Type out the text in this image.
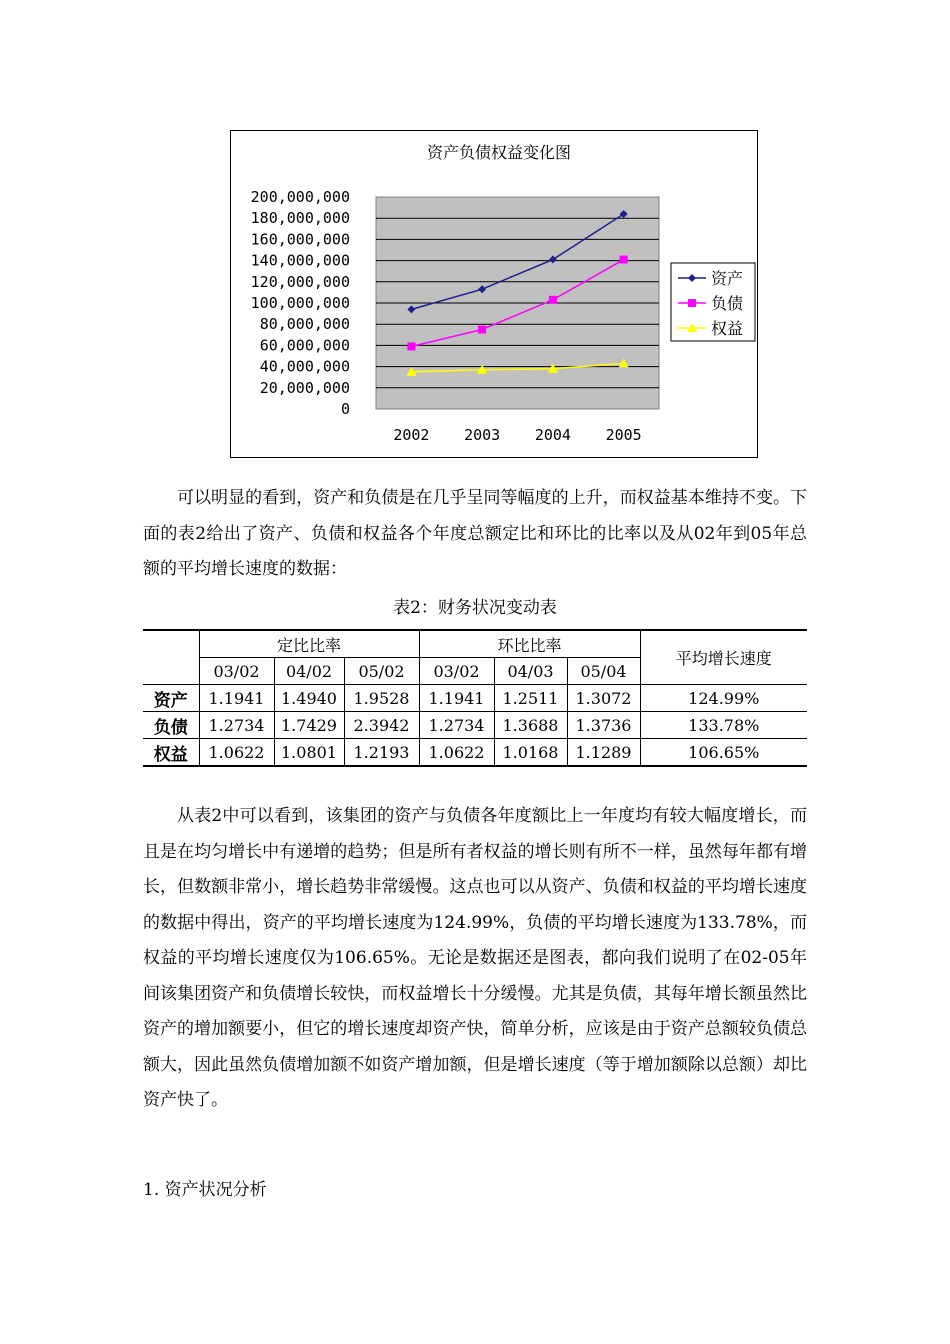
资产负债权益变化图
200,000,000
180,000,000
160,000,000
140,000,000
120,000,000
100,000,000
80,000,000
60,000,000
40,000,000
20,000,000
0
2002 2003 2004 2005
资产
负债
权益

可以明显的看到，资产和负债是在几乎呈同等幅度的上升，而权益基本维持不变。下面的表2给出了资产、负债和权益各个年度总额定比和环比的比率以及从02年到05年总额的平均增长速度的数据：

表2：财务状况变动表
	定比比率			环比比率			平均增长速度
	03/02	04/02	05/02	03/02	04/03	05/04	
资产	1.1941	1.4940	1.9528	1.1941	1.2511	1.3072	124.99%
负债	1.2734	1.7429	2.3942	1.2734	1.3688	1.3736	133.78%
权益	1.0622	1.0801	1.2193	1.0622	1.0168	1.1289	106.65%

从表2中可以看到，该集团的资产与负债各年度额比上一年度均有较大幅度增长，而且是在均匀增长中有递增的趋势；但是所有者权益的增长则有所不一样，虽然每年都有增长，但数额非常小，增长趋势非常缓慢。这点也可以从资产、负债和权益的平均增长速度的数据中得出，资产的平均增长速度为124.99%，负债的平均增长速度为133.78%，而权益的平均增长速度仅为106.65%。无论是数据还是图表，都向我们说明了在02-05年间该集团资产和负债增长较快，而权益增长十分缓慢。尤其是负债，其每年增长额虽然比资产的增加额要小，但它的增长速度却资产快，简单分析，应该是由于资产总额较负债总额大，因此虽然负债增加额不如资产增加额，但是增长速度（等于增加额除以总额）却比资产快了。

1. 资产状况分析
